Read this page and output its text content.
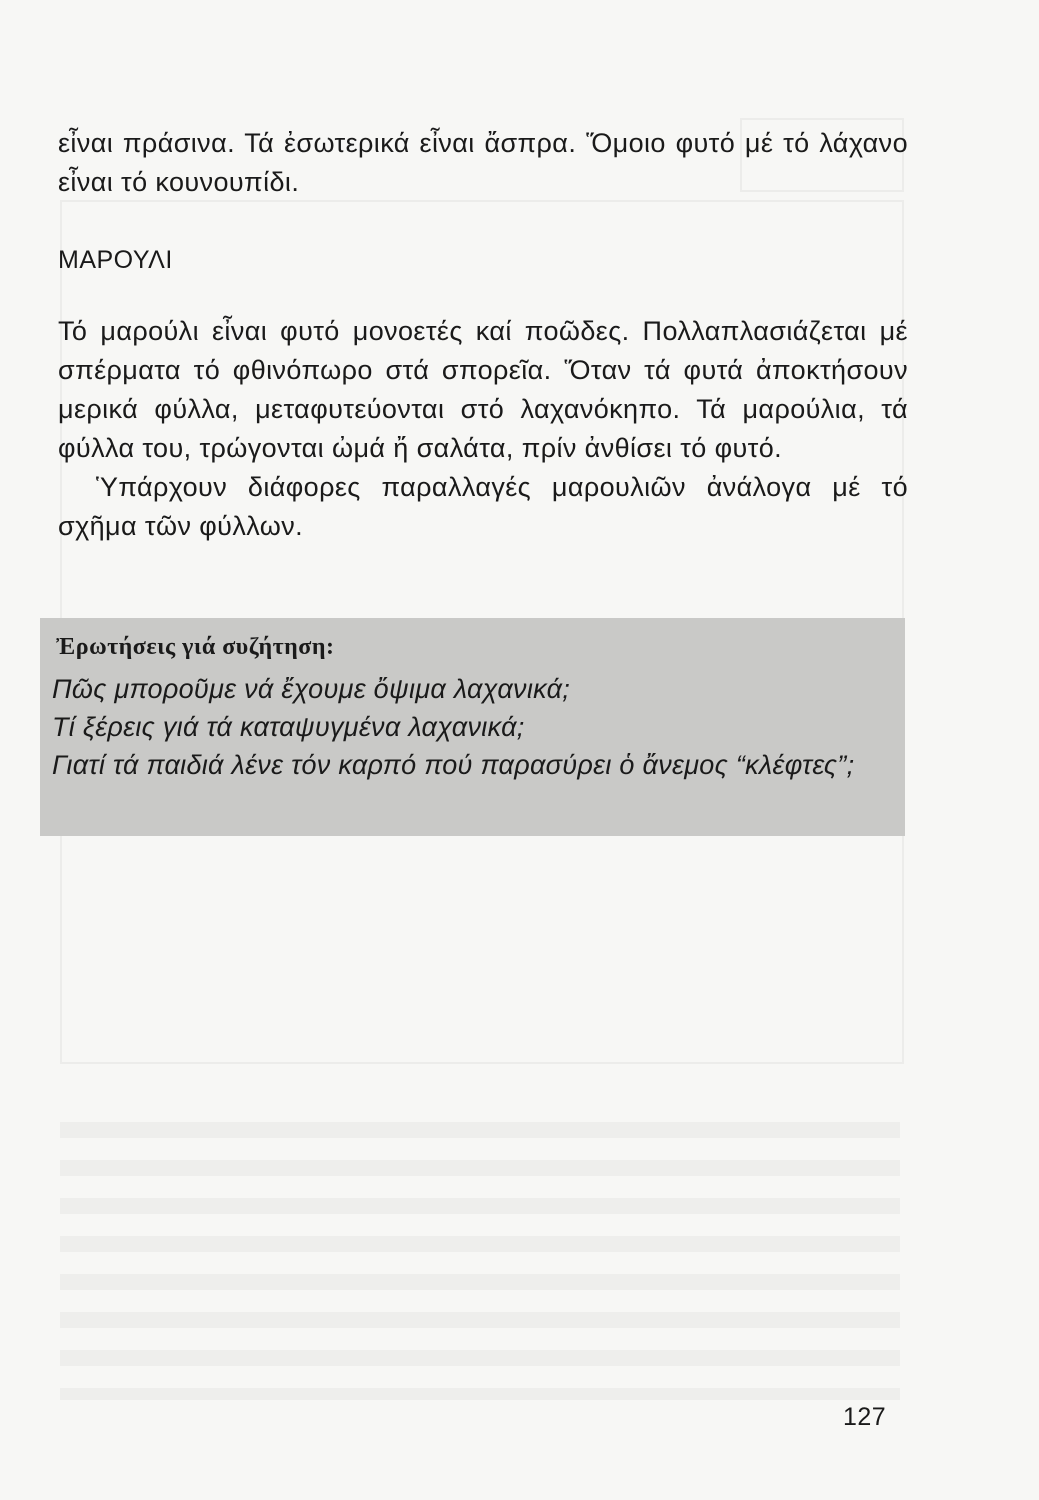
εἶναι πράσινα. Τά ἐσωτερικά εἶναι ἄσπρα. Ὅμοιο φυτό μέ τό λάχανο εἶναι τό κουνουπίδι.

ΜΑΡΟΥΛΙ

Τό μαρούλι εἶναι φυτό μονοετές καί ποῶδες. Πολλαπλασιάζεται μέ σπέρματα τό φθινόπωρο στά σπορεῖα. Ὅταν τά φυτά ἀποκτήσουν μερικά φύλλα, μεταφυτεύονται στό λαχανόκηπο. Τά μαρούλια, τά φύλλα του, τρώγονται ὠμά ἤ σαλάτα, πρίν ἀνθίσει τό φυτό.

Ὑπάρχουν διάφορες παραλλαγές μαρουλιῶν ἀνάλογα μέ τό σχῆμα τῶν φύλλων.

Ἐρωτήσεις γιά συζήτηση:
Πῶς μποροῦμε νά ἔχουμε ὄψιμα λαχανικά;
Τί ξέρεις γιά τά καταψυγμένα λαχανικά;
Γιατί τά παιδιά λένε τόν καρπό πού παρασύρει ὁ ἄνεμος “κλέφτες”;
127
